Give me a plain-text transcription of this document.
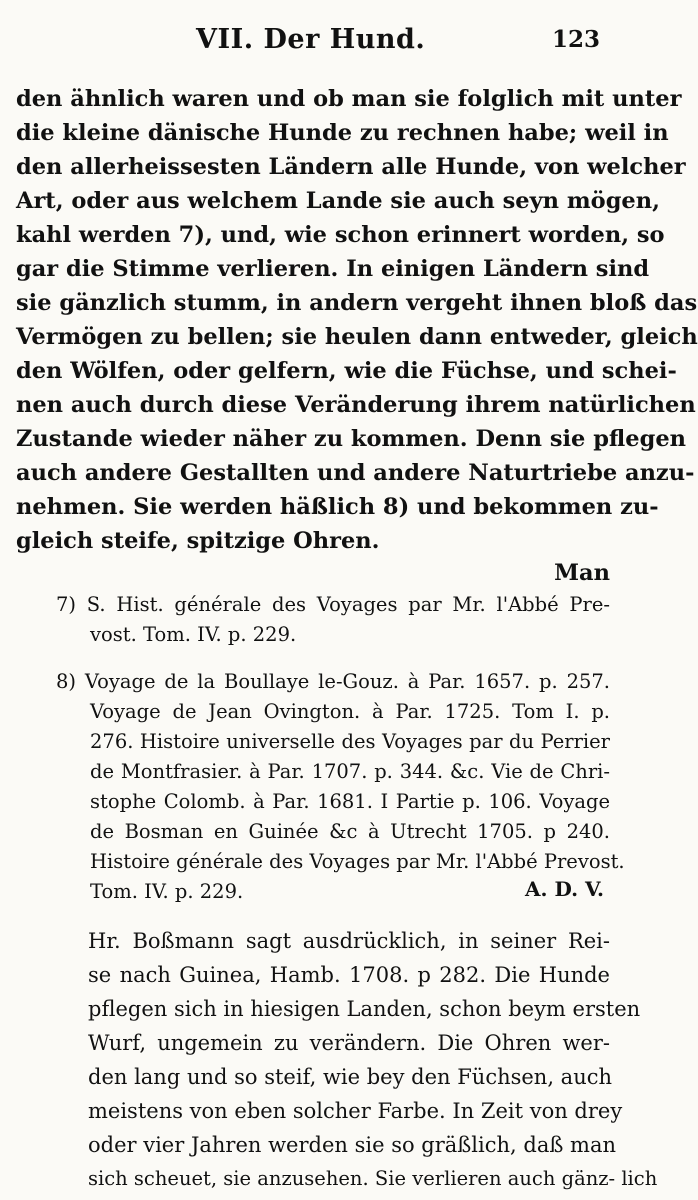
VII. Der Hund.	123
den ähnlich waren und ob man sie folglich mit unter
die kleine dänische Hunde zu rechnen habe; weil in
den allerheissesten Ländern alle Hunde, von welcher
Art, oder aus welchem Lande sie auch seyn mögen,
kahl werden 7), und, wie schon erinnert worden, so
gar die Stimme verlieren. In einigen Ländern sind
sie gänzlich stumm, in andern vergeht ihnen bloß das
Vermögen zu bellen; sie heulen dann entweder, gleich
den Wölfen, oder gelfern, wie die Füchse, und schei-
nen auch durch diese Veränderung ihrem natürlichen
Zustande wieder näher zu kommen. Denn sie pflegen
auch andere Gestallten und andere Naturtriebe anzu-
nehmen. Sie werden häßlich 8) und bekommen zu-
gleich steife, spitzige Ohren.
Man
7) S. Hist. générale des Voyages par Mr. l'Abbé Pre-
vost. Tom. IV. p. 229.
8) Voyage de la Boullaye le-Gouz. à Par. 1657. p. 257.
Voyage de Jean Ovington. à Par. 1725. Tom I. p.
276. Histoire universelle des Voyages par du Perrier
de Montfrasier. à Par. 1707. p. 344. &c. Vie de Chri-
stophe Colomb. à Par. 1681. I Partie p. 106. Voyage
de Bosman en Guinée &c à Utrecht 1705. p 240.
Histoire générale des Voyages par Mr. l'Abbé Prevost.
Tom. IV. p. 229.	A. D. V.
Hr. Boßmann sagt ausdrücklich, in seiner Rei-
se nach Guinea, Hamb. 1708. p 282. Die Hunde
pflegen sich in hiesigen Landen, schon beym ersten
Wurf, ungemein zu verändern. Die Ohren wer-
den lang und so steif, wie bey den Füchsen, auch
meistens von eben solcher Farbe. In Zeit von drey
oder vier Jahren werden sie so gräßlich, daß man
sich scheuet, sie anzusehen. Sie verlieren auch gänz- lich
